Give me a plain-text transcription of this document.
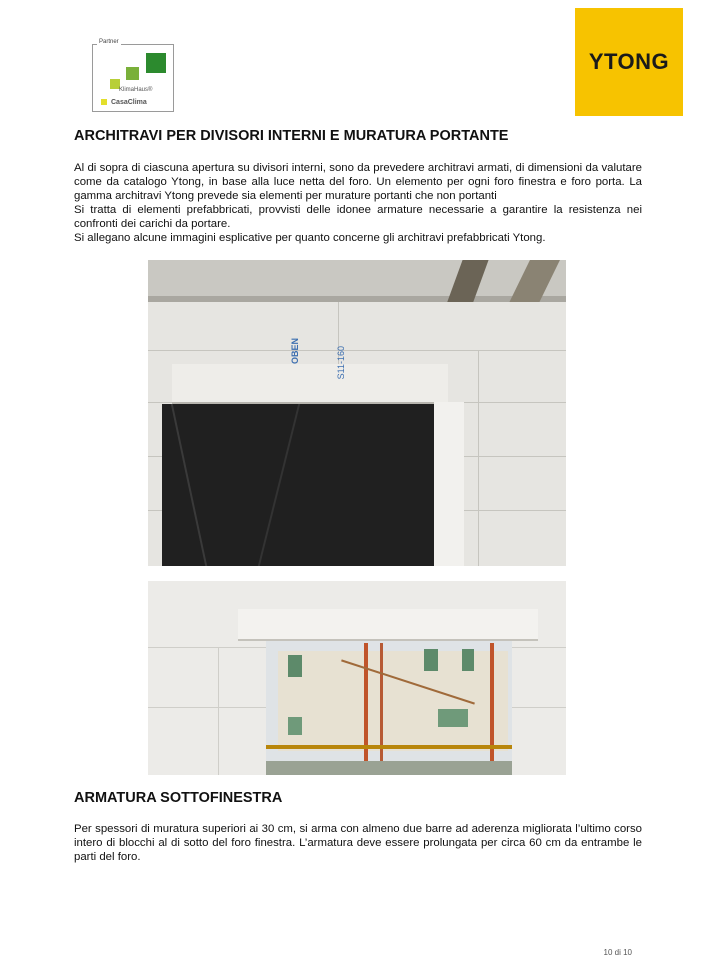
Partner
KlimaHaus®
CasaClima
YTONG
ARCHITRAVI PER DIVISORI INTERNI E MURATURA PORTANTE
Al di sopra di ciascuna apertura su divisori interni, sono da prevedere architravi armati, di dimensioni da valutare come da catalogo Ytong, in base alla luce netta del foro. Un elemento per ogni foro finestra e foro porta. La gamma architravi Ytong prevede sia elementi per murature portanti che non portanti
Si tratta di elementi prefabbricati, provvisti delle idonee armature necessarie a garantire la resistenza nei confronti dei carichi da portare.
Si allegano alcune immagini esplicative per quanto concerne gli architravi prefabbricati Ytong.
OBEN	S11-160
ARMATURA SOTTOFINESTRA
Per spessori di muratura superiori ai 30 cm, si arma con almeno due barre ad aderenza migliorata l’ultimo corso intero di blocchi al di sotto del foro finestra. L’armatura deve essere prolungata per circa 60 cm da entrambe le parti del foro.
10 di 10
